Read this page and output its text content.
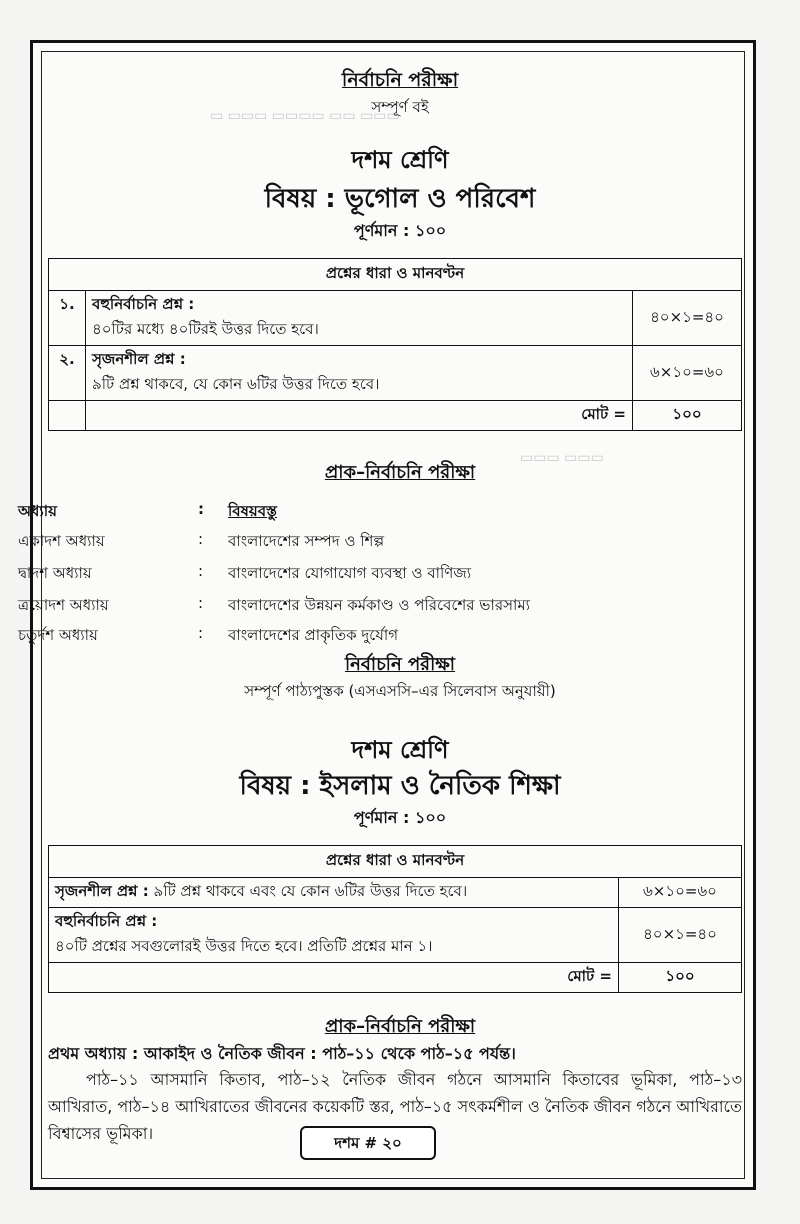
▭ ▭▭▭ ▭▭▭▭ ▭▭ ▭▭▭
▭▭▭ ▭▭▭
নির্বাচনি পরীক্ষা
সম্পূর্ণ বই
দশম শ্রেণি
বিষয় : ভূগোল ও পরিবেশ
পূর্ণমান : ১০০
প্রশ্নের ধারা ও মানবণ্টন		
১.	বহুনির্বাচনি প্রশ্ন :
৪০টির মধ্যে ৪০টিরই উত্তর দিতে হবে।	৪০×১=৪০
২.	সৃজনশীল প্রশ্ন :
৯টি প্রশ্ন থাকবে, যে কোন ৬টির উত্তর দিতে হবে।	৬×১০=৬০
	মোট =	১০০
প্রাক–নির্বাচনি পরীক্ষা
অধ্যায়	: বিষয়বস্তু
একাদশ অধ্যায়	: বাংলাদেশের সম্পদ ও শিল্প
দ্বাদশ অধ্যায়	: বাংলাদেশের যোগাযোগ ব্যবস্থা ও বাণিজ্য
ত্রয়োদশ অধ্যায়	: বাংলাদেশের উন্নয়ন কর্মকাণ্ড ও পরিবেশের ভারসাম্য
চতুর্দশ অধ্যায়	: বাংলাদেশের প্রাকৃতিক দুর্যোগ
নির্বাচনি পরীক্ষা
সম্পূর্ণ পাঠ্যপুস্তক (এসএসসি–এর সিলেবাস অনুযায়ী)
দশম শ্রেণি
বিষয় : ইসলাম ও নৈতিক শিক্ষা
পূর্ণমান : ১০০
প্রশ্নের ধারা ও মানবণ্টন	
সৃজনশীল প্রশ্ন : ৯টি প্রশ্ন থাকবে এবং যে কোন ৬টির উত্তর দিতে হবে।	৬×১০=৬০

বহুনির্বাচনি প্রশ্ন :
৪০টি প্রশ্নের সবগুলোরই উত্তর দিতে হবে। প্রতিটি প্রশ্নের মান ১।	৪০×১=৪০
মোট =	১০০
প্রাক–নির্বাচনি পরীক্ষা
প্রথম অধ্যায় : আকাইদ ও নৈতিক জীবন : পাঠ–১১ থেকে পাঠ–১৫ পর্যন্ত।
পাঠ–১১ আসমানি কিতাব, পাঠ–১২ নৈতিক জীবন গঠনে আসমানি কিতাবের ভূমিকা, পাঠ–১৩ আখিরাত, পাঠ–১৪ আখিরাতের জীবনের কয়েকটি স্তর, পাঠ–১৫ সৎকর্মশীল ও নৈতিক জীবন গঠনে আখিরাতে বিশ্বাসের ভূমিকা।	দশম # ২০
